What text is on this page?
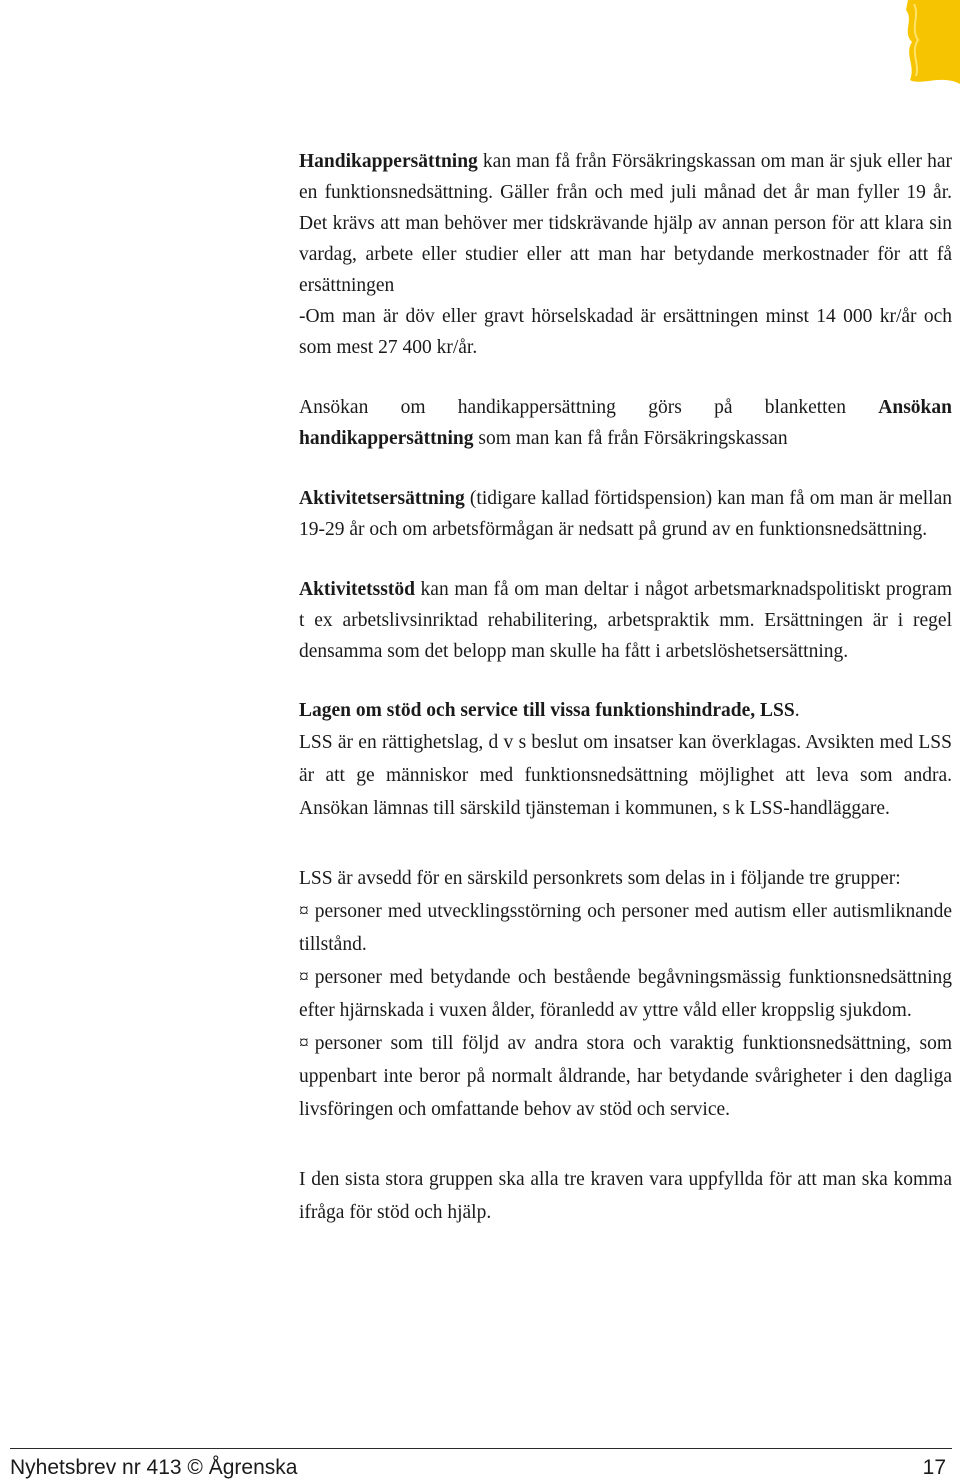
Handikappersättning kan man få från Försäkringskassan om man är sjuk eller har en funktionsnedsättning. Gäller från och med juli månad det år man fyller 19 år. Det krävs att man behöver mer tidskrävande hjälp av annan person för att klara sin vardag, arbete eller studier eller att man har betydande merkostnader för att få ersättningen
-Om man är döv eller gravt hörselskadad är ersättningen minst 14 000 kr/år och som mest 27 400 kr/år.

Ansökan om handikappersättning görs på blanketten Ansökan handikappersättning som man kan få från Försäkringskassan

Aktivitetsersättning (tidigare kallad förtidspension) kan man få om man är mellan 19-29 år och om arbetsförmågan är nedsatt på grund av en funktionsnedsättning.

Aktivitetsstöd kan man få om man deltar i något arbetsmarknadspolitiskt program t ex arbetslivsinriktad rehabilitering, arbetspraktik mm. Ersättningen är i regel densamma som det belopp man skulle ha fått i arbetslöshetsersättning.

Lagen om stöd och service till vissa funktionshindrade, LSS.
LSS är en rättighetslag, d v s beslut om insatser kan överklagas. Avsikten med LSS är att ge människor med funktionsnedsättning möjlighet att leva som andra. Ansökan lämnas till särskild tjänsteman i kommunen, s k LSS-handläggare.

LSS är avsedd för en särskild personkrets som delas in i följande tre grupper:
¤ personer med utvecklingsstörning och personer med autism eller autismliknande tillstånd.
¤ personer med betydande och bestående begåvningsmässig funktionsnedsättning efter hjärnskada i vuxen ålder, föranledd av yttre våld eller kroppslig sjukdom.
¤ personer som till följd av andra stora och varaktig funktionsnedsättning, som uppenbart inte beror på normalt åldrande, har betydande svårigheter i den dagliga livsföringen och omfattande behov av stöd och service.

I den sista stora gruppen ska alla tre kraven vara uppfyllda för att man ska komma ifråga för stöd och hjälp.

Nyhetsbrev nr 413 © Ågrenska	17
